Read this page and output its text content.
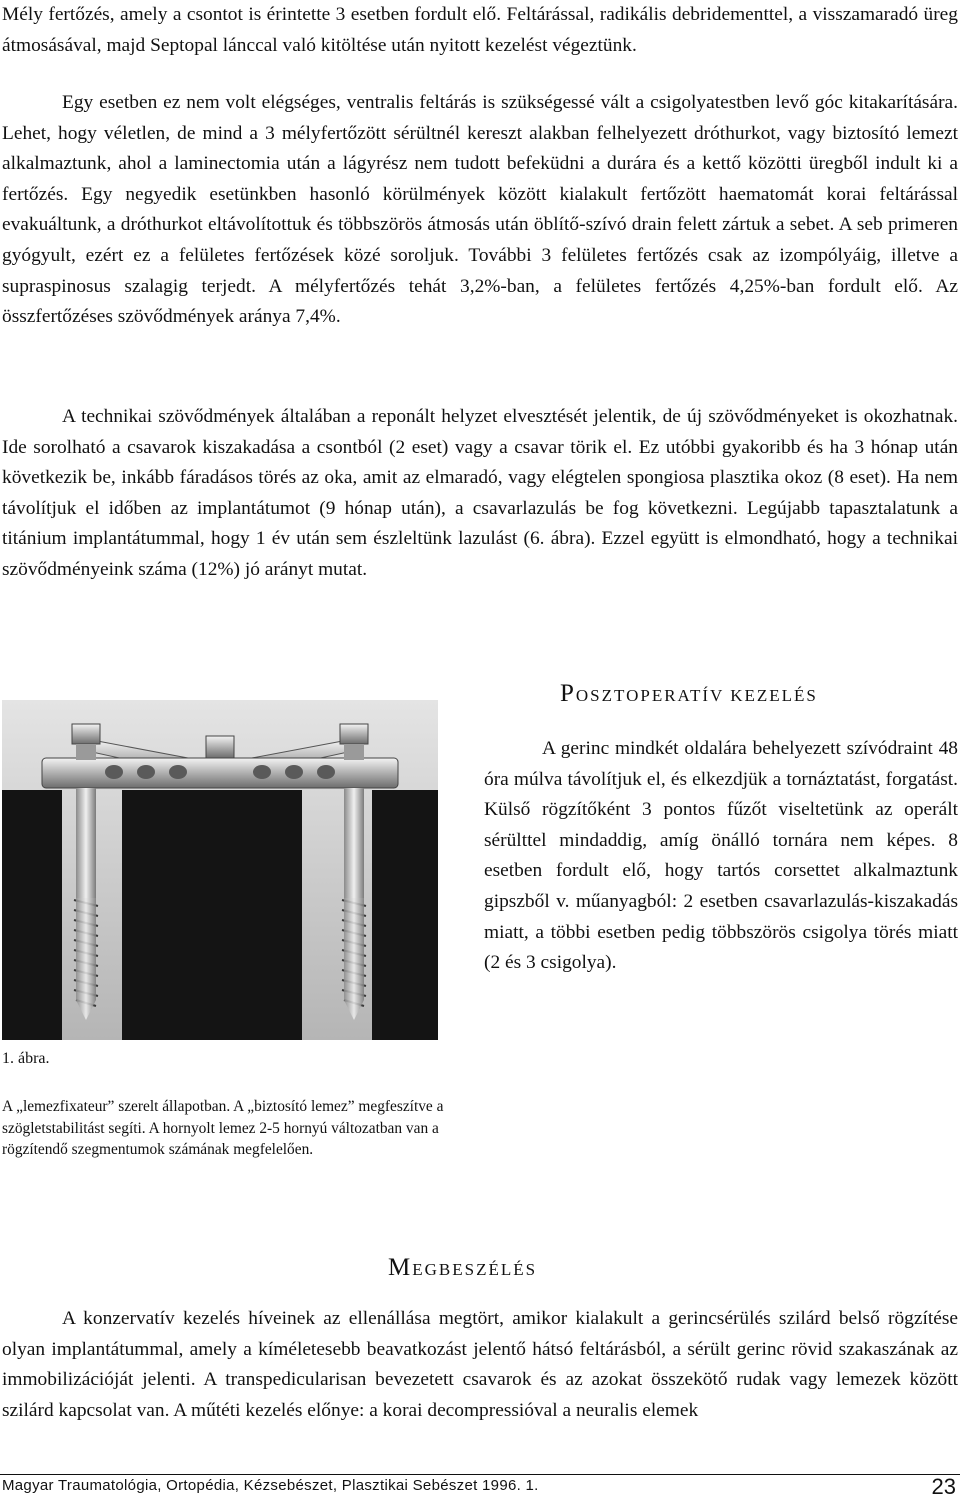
Mély fertőzés, amely a csontot is érintette 3 esetben fordult elő. Feltárással, radikális debridementtel, a visszamaradó üreg átmosásával, majd Septopal lánccal való kitöltése után nyitott kezelést végeztünk.

Egy esetben ez nem volt elégséges, ventralis feltárás is szükségessé vált a csigolyatestben levő góc kitakarítására. Lehet, hogy véletlen, de mind a 3 mélyfertőzött sérültnél kereszt alakban felhelyezett dróthurkot, vagy biztosító lemezt alkalmaztunk, ahol a laminectomia után a lágyrész nem tudott befeküdni a durára és a kettő közötti üregből indult ki a fertőzés. Egy negyedik esetünkben hasonló körülmények között kialakult fertőzött haematomát korai feltárással evakuáltunk, a dróthurkot eltávolítottuk és többszörös átmosás után öblítő-szívó drain felett zártuk a sebet. A seb primeren gyógyult, ezért ez a felületes fertőzések közé soroljuk. További 3 felületes fertőzés csak az izompólyáig, illetve a supraspinosus szalagig terjedt. A mélyfertőzés tehát 3,2%-ban, a felületes fertőzés 4,25%-ban fordult elő. Az összfertőzéses szövődmények aránya 7,4%.

A technikai szövődmények általában a reponált helyzet elvesztését jelentik, de új szövődményeket is okozhatnak. Ide sorolható a csavarok kiszakadása a csontból (2 eset) vagy a csavar törik el. Ez utóbbi gyakoribb és ha 3 hónap után következik be, inkább fáradásos törés az oka, amit az elmaradó, vagy elégtelen spongiosa plasztika okoz (8 eset). Ha nem távolítjuk el időben az implantátumot (9 hónap után), a csavarlazulás be fog következni. Legújabb tapasztalatunk a titánium implantátummal, hogy 1 év után sem észleltünk lazulást (6. ábra). Ezzel együtt is elmondható, hogy a technikai szövődményeink száma (12%) jó arányt mutat.

POSZTOPERATÍV KEZELÉS

A gerinc mindkét oldalára behelyezett szívódraint 48 óra múlva távolítjuk el, és elkezdjük a tornáztatást, forgatást. Külső rögzítőként 3 pontos fűzőt viseltetünk az operált sérülttel mindaddig, amíg önálló tornára nem képes. 8 esetben fordult elő, hogy tartós corsettet alkalmaztunk gipszből v. műanyagból: 2 esetben csavarlazulás-kiszakadás miatt, a többi esetben pedig többszörös csigolya törés miatt (2 és 3 csigolya).

1. ábra.

A „lemezfixateur” szerelt állapotban. A „biztosító lemez” megfeszítve a szögletstabilitást segíti. A hornyolt lemez 2-5 hornyú változatban van a rögzítendő szegmentumok számának megfelelően.

MEGBESZÉLÉS

A konzervatív kezelés híveinek az ellenállása megtört, amikor kialakult a gerincsérülés szilárd belső rögzítése olyan implantátummal, amely a kíméletesebb beavatkozást jelentő hátsó feltárásból, a sérült gerinc rövid szakaszának az immobilizációját jelenti. A transpedicularisan bevezetett csavarok és az azokat összekötő rudak vagy lemezek között szilárd kapcsolat van. A műtéti kezelés előnye: a korai decompressióval a neuralis elemek

Magyar Traumatológia, Ortopédia, Kézsebészet, Plasztikai Sebészet 1996. 1.	23
